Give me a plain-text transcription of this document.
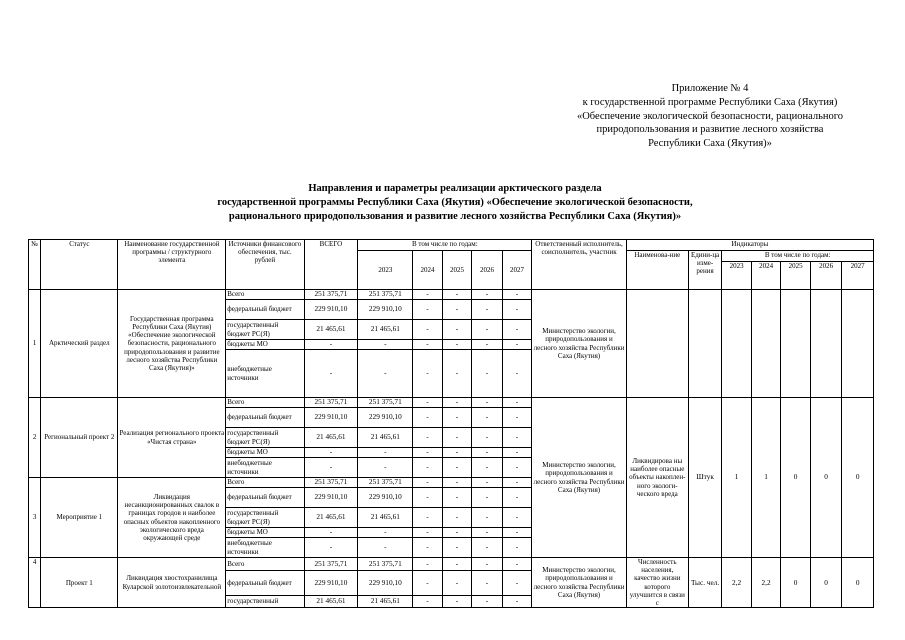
Приложение № 4
к государственной программе Республики Саха (Якутия)
«Обеспечение экологической безопасности, рационального
природопользования и развитие лесного хозяйства
Республики Саха (Якутия)»
Направления и параметры реализации арктического раздела
государственной программы Республики Саха (Якутия) «Обеспечение экологической безопасности,
рационального природопользования и развитие лесного хозяйства Республики Саха (Якутия)»
№	Статус	Наименование государственной программы / структурного элемента	Источники финансового обеспечения, тыс. рублей	ВСЕГО	В том числе по годам:					Ответственный исполнитель, соисполнитель, участник	Индикаторы						
					2023	2024	2025	2026	2027		Наименова-ние	Едини-ца изме-рения	В том числе по годам:				
													2023	2024	2025	2026	2027
1	Арктический раздел	Государственная программа Республики Саха (Якутия) «Обеспечение экологической безопасности, рационального природопользования и развитие лесного хозяйства Республики Саха (Якутия)»	Всего	251 375,71	251 375,71	-	-	-	-	Министерство экологии, природопользования и лесного хозяйства Республики Саха (Якутия)							
			федеральный бюджет	229 910,10	229 910,10	-	-	-	-								
			государственный бюджет РС(Я)	21 465,61	21 465,61	-	-	-	-								
			бюджеты МО	-	-	-	-	-	-								
			внебюджетные источники	-	-	-	-	-	-								
2	Региональный проект 2	Реализация регионального проекта «Чистая страна»	Всего	251 375,71	251 375,71	-	-	-	-	Министерство экологии, природопользования и лесного хозяйства Республики Саха (Якутия)	Ликвидирова ны наиболее опасные объекты накоплен-ного экологи-ческого вреда	Штук	1	1	0	0	0
			федеральный бюджет	229 910,10	229 910,10	-	-	-	-								
			государственный бюджет РС(Я)	21 465,61	21 465,61	-	-	-	-								
			бюджеты МО	-	-	-	-	-	-								
			внебюджетные источники	-	-	-	-	-	-								
3	Мероприятие 1	Ликвидация несанкционированных свалок в границах городов и наиболее опасных объектов накопленного экологического вреда окружающей среде	Всего	251 375,71	251 375,71	-	-	-	-								
			федеральный бюджет	229 910,10	229 910,10	-	-	-	-								
			государственный бюджет РС(Я)	21 465,61	21 465,61	-	-	-	-								
			бюджеты МО	-	-	-	-	-	-								
			внебюджетные источники	-	-	-	-	-	-								
4	Проект 1	Ликвидация хвостохранилища Куларской золотоизвлекательной	Всего	251 375,71	251 375,71	-	-	-	-	Министерство экологии, природопользования и лесного хозяйства Республики Саха (Якутия)	Численность населения, качество жизни которого улучшится в связи с	Тыс. чел.	2,2	2,2	0	0	0
			федеральный бюджет	229 910,10	229 910,10	-	-	-	-								
			государственный	21 465,61	21 465,61	-	-	-	-								
